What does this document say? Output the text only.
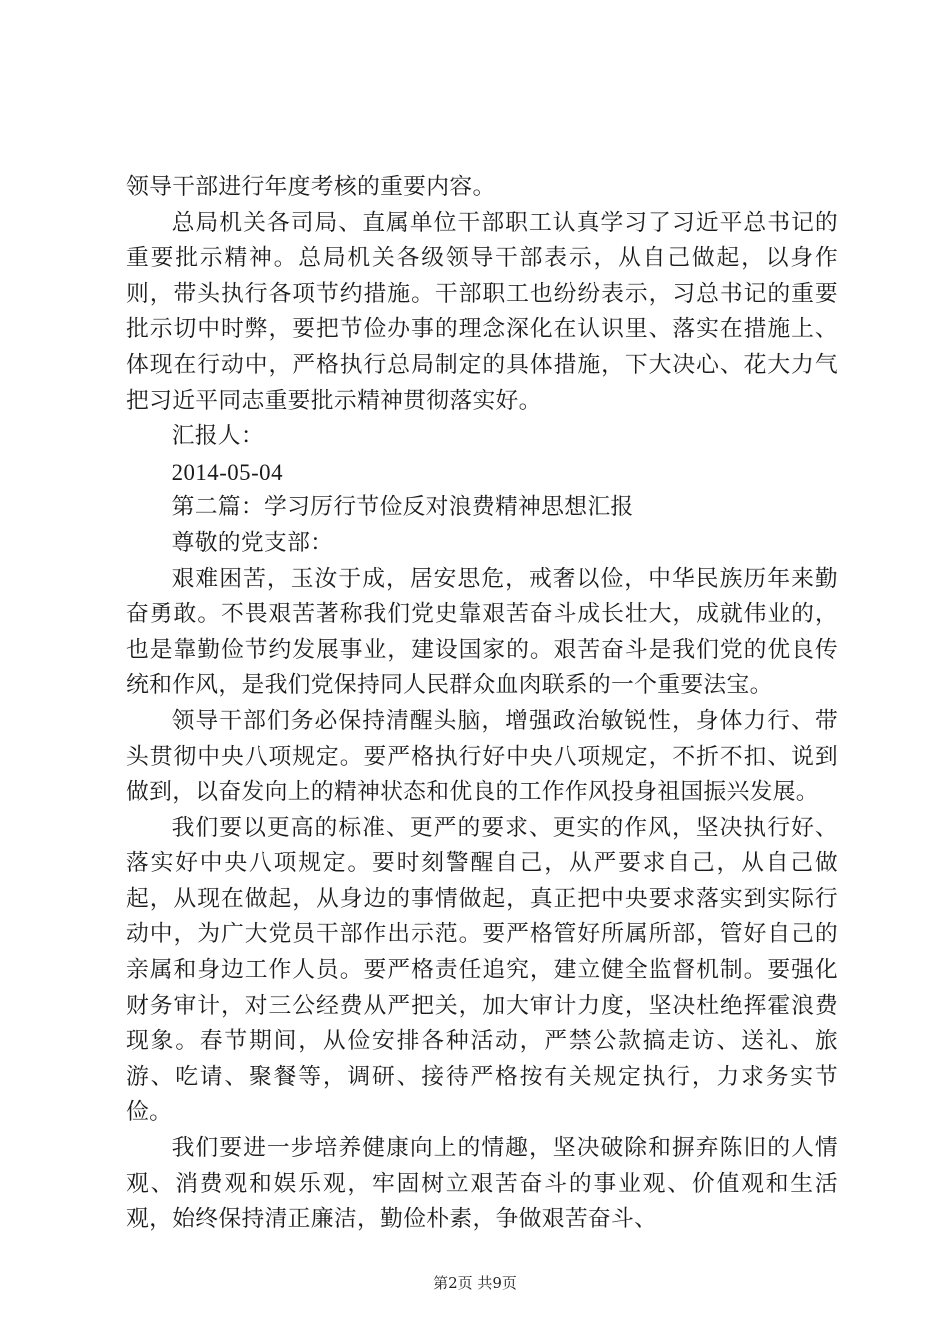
领导干部进行年度考核的重要内容。

总局机关各司局、直属单位干部职工认真学习了习近平总书记的重要批示精神。总局机关各级领导干部表示，从自己做起，以身作则，带头执行各项节约措施。干部职工也纷纷表示，习总书记的重要批示切中时弊，要把节俭办事的理念深化在认识里、落实在措施上、体现在行动中，严格执行总局制定的具体措施，下大决心、花大力气把习近平同志重要批示精神贯彻落实好。

汇报人：

2014-05-04

第二篇：学习厉行节俭反对浪费精神思想汇报

尊敬的党支部：

艰难困苦，玉汝于成，居安思危，戒奢以俭，中华民族历年来勤奋勇敢。不畏艰苦著称我们党史靠艰苦奋斗成长壮大，成就伟业的，也是靠勤俭节约发展事业，建设国家的。艰苦奋斗是我们党的优良传统和作风，是我们党保持同人民群众血肉联系的一个重要法宝。

领导干部们务必保持清醒头脑，增强政治敏锐性，身体力行、带头贯彻中央八项规定。要严格执行好中央八项规定，不折不扣、说到做到，以奋发向上的精神状态和优良的工作作风投身祖国振兴发展。

我们要以更高的标准、更严的要求、更实的作风，坚决执行好、落实好中央八项规定。要时刻警醒自己，从严要求自己，从自己做起，从现在做起，从身边的事情做起，真正把中央要求落实到实际行动中，为广大党员干部作出示范。要严格管好所属所部，管好自己的亲属和身边工作人员。要严格责任追究，建立健全监督机制。要强化财务审计，对三公经费从严把关，加大审计力度，坚决杜绝挥霍浪费现象。春节期间，从俭安排各种活动，严禁公款搞走访、送礼、旅游、吃请、聚餐等，调研、接待严格按有关规定执行，力求务实节俭。

我们要进一步培养健康向上的情趣，坚决破除和摒弃陈旧的人情观、消费观和娱乐观，牢固树立艰苦奋斗的事业观、价值观和生活观，始终保持清正廉洁，勤俭朴素，争做艰苦奋斗、

第2页 共9页
